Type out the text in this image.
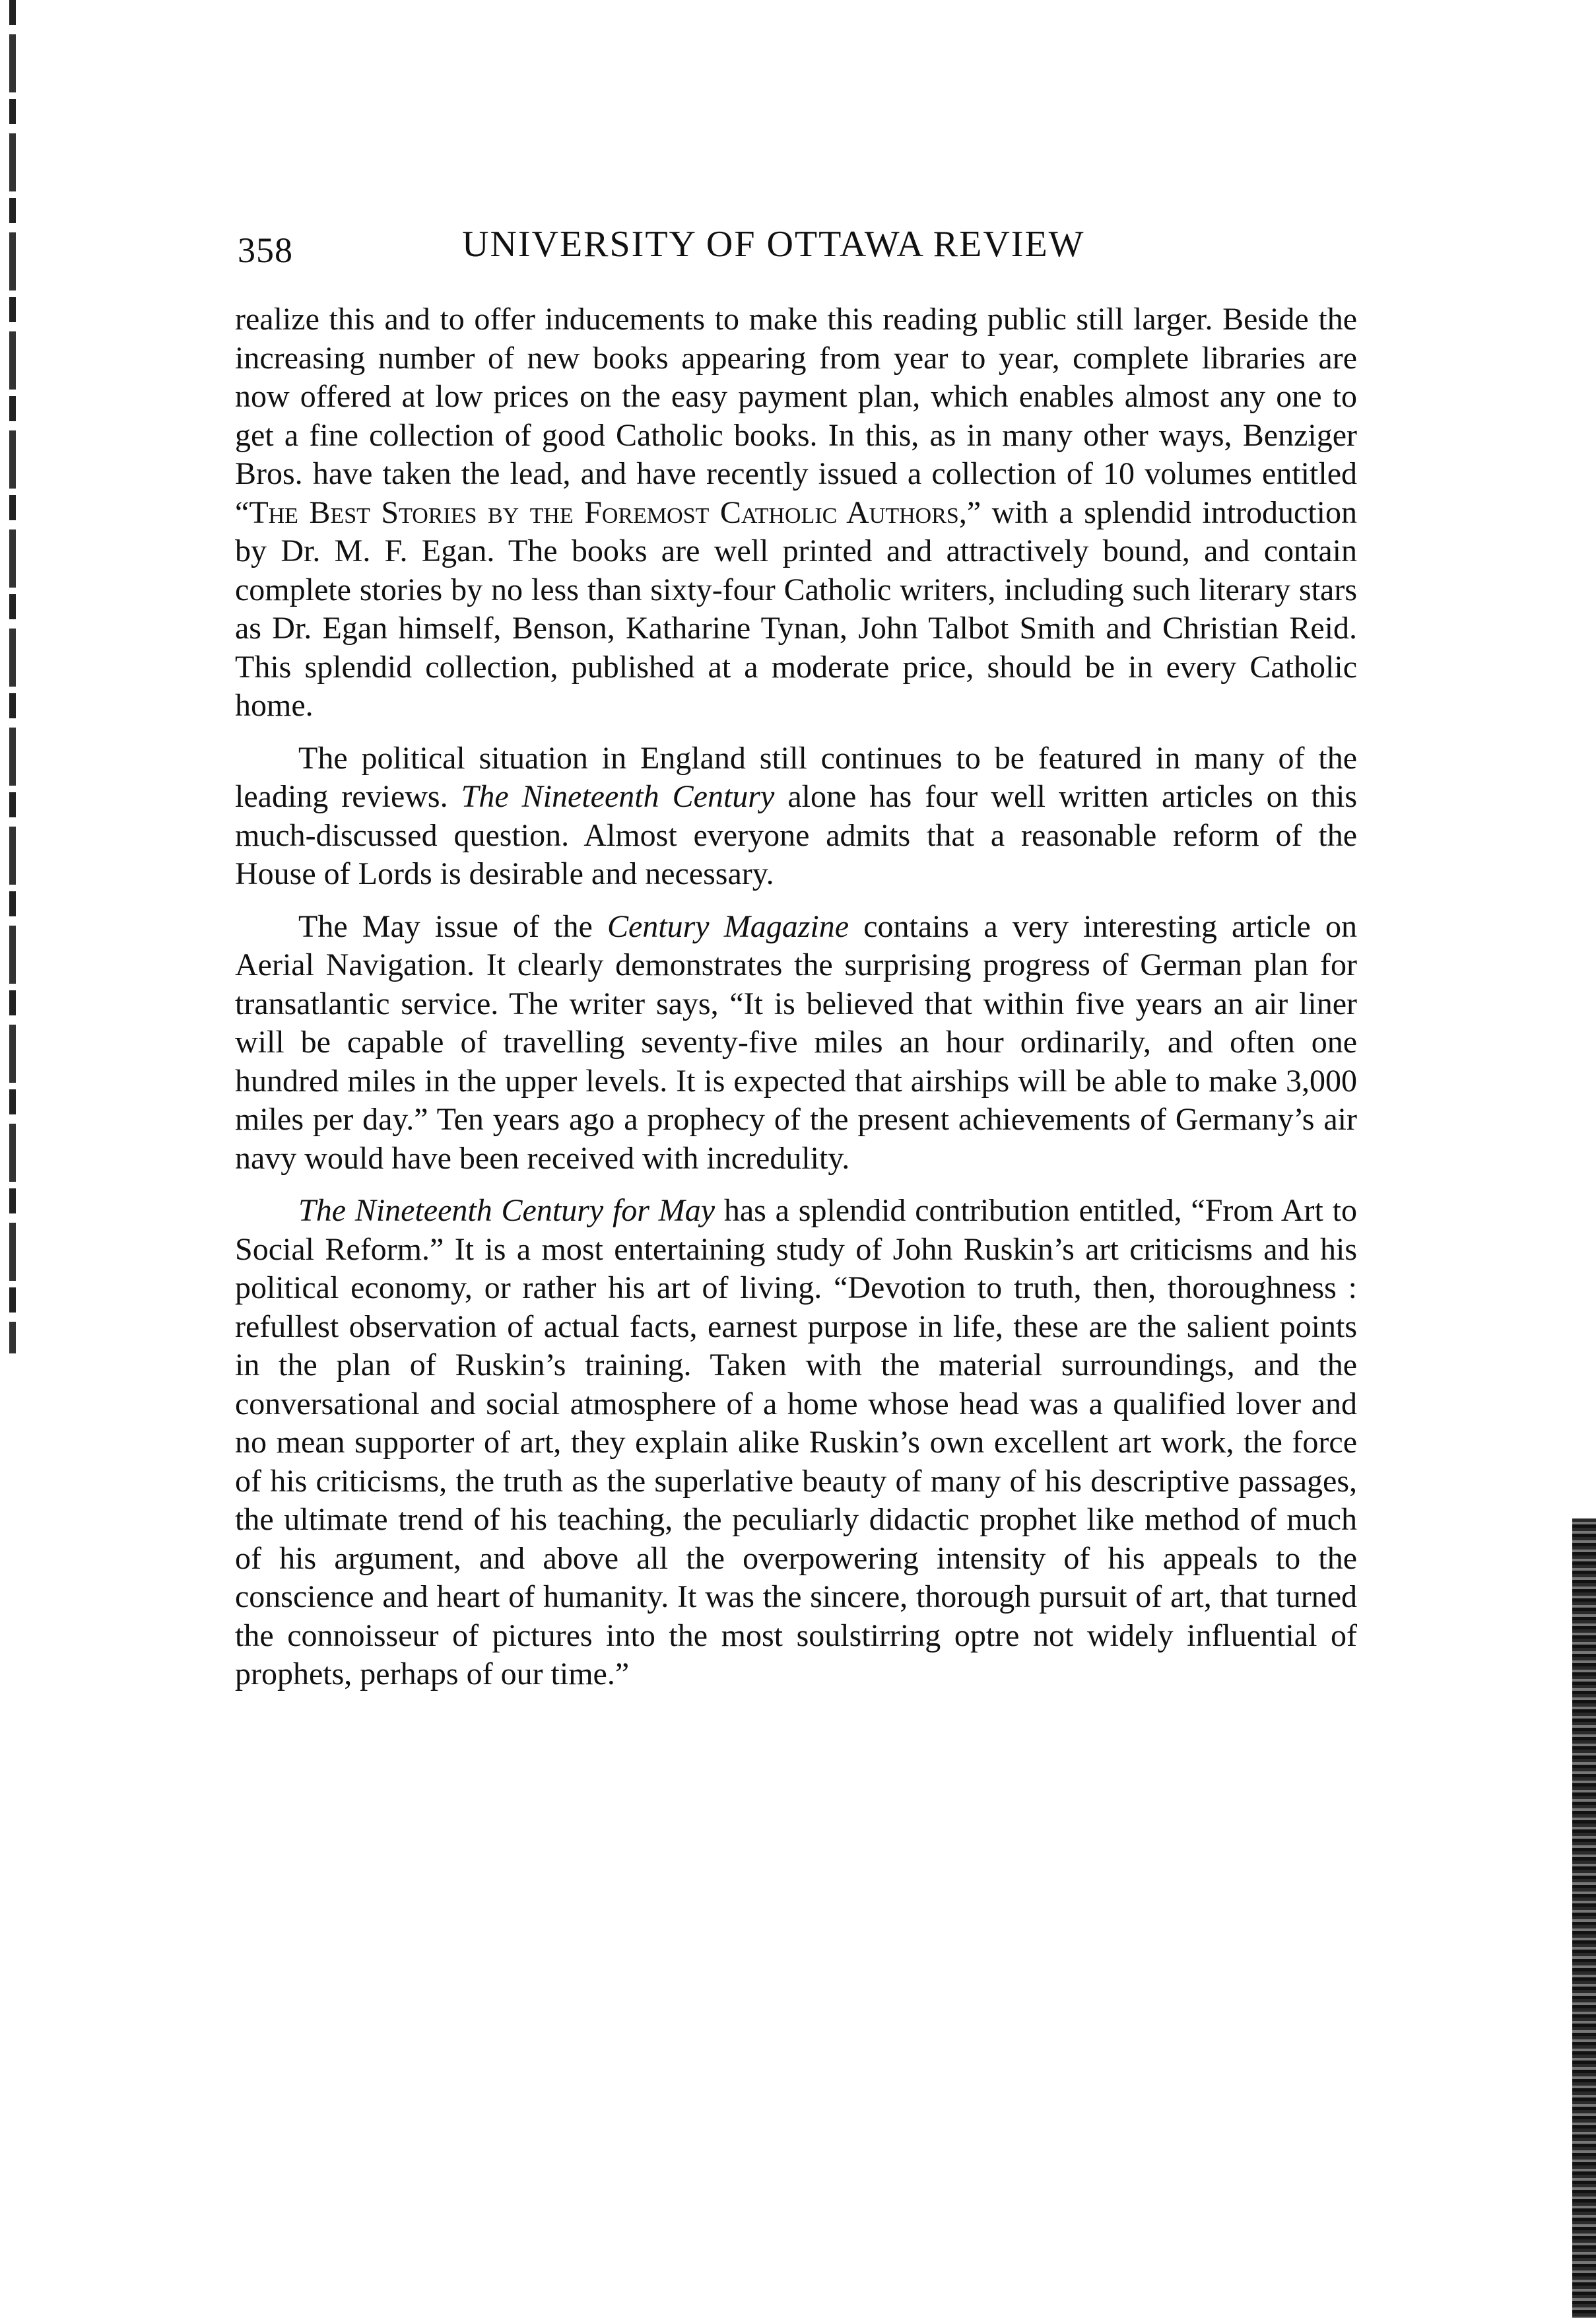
358	UNIVERSITY OF OTTAWA REVIEW

realize this and to offer inducements to make this reading public still larger. Beside the increasing number of new books appearing from year to year, complete libraries are now offered at low prices on the easy payment plan, which enables almost any one to get a fine collection of good Catholic books. In this, as in many other ways, Benziger Bros. have taken the lead, and have recently issued a collection of 10 volumes entitled “The Best Stories by the Foremost Catholic Authors,” with a splendid introduction by Dr. M. F. Egan. The books are well printed and attractively bound, and contain complete stories by no less than sixty-four Catholic writers, including such literary stars as Dr. Egan himself, Benson, Katharine Tynan, John Talbot Smith and Christian Reid. This splendid collection, published at a moderate price, should be in every Catholic home.

The political situation in England still continues to be featured in many of the leading reviews. The Nineteenth Century alone has four well written articles on this much-discussed question. Almost everyone admits that a reasonable reform of the House of Lords is desirable and necessary.

The May issue of the Century Magazine contains a very interesting article on Aerial Navigation. It clearly demonstrates the surprising progress of German plan for transatlantic service. The writer says, “It is believed that within five years an air liner will be capable of travelling seventy-five miles an hour ordinarily, and often one hundred miles in the upper levels. It is expected that airships will be able to make 3,000 miles per day.” Ten years ago a prophecy of the present achievements of Germany’s air navy would have been received with incredulity.

The Nineteenth Century for May has a splendid contribution entitled, “From Art to Social Reform.” It is a most entertaining study of John Ruskin’s art criticisms and his political economy, or rather his art of living. “Devotion to truth, then, thoroughness : refullest observation of actual facts, earnest purpose in life, these are the salient points in the plan of Ruskin’s training. Taken with the material surroundings, and the conversational and social atmosphere of a home whose head was a qualified lover and no mean supporter of art, they explain alike Ruskin’s own excellent art work, the force of his criticisms, the truth as the superlative beauty of many of his descriptive passages, the ultimate trend of his teaching, the peculiarly didactic prophet like method of much of his argument, and above all the overpowering intensity of his appeals to the conscience and heart of humanity. It was the sincere, thorough pursuit of art, that turned the connoisseur of pictures into the most soulstirring optre not widely influential of prophets, perhaps of our time.”
